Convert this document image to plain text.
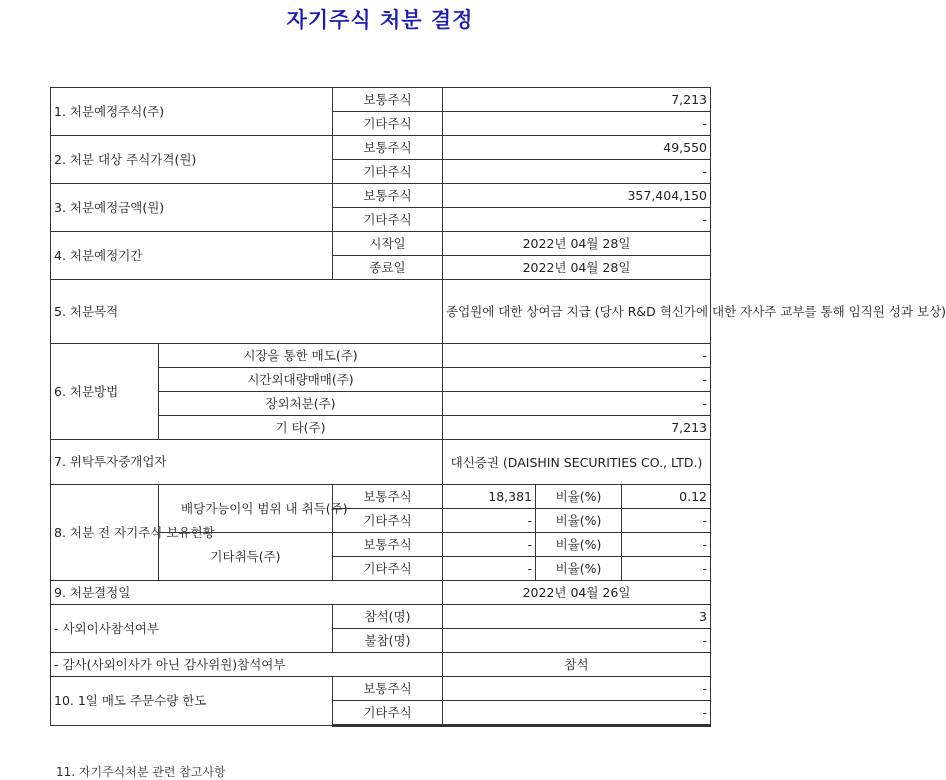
자기주식 처분 결정
1. 처분예정주식(주)		보통주식	7,213		
		기타주식	-		
2. 처분 대상 주식가격(원)		보통주식	49,550		
		기타주식	-		
3. 처분예정금액(원)		보통주식	357,404,150		
		기타주식	-		
4. 처분예정기간		시작일	2022년 04월 28일		
		종료일	2022년 04월 28일		
5. 처분목적			종업원에 대한 상여금 지급 (당사 R&D 혁신가에 대한 자사주 교부를 통해 임직원 성과 보상)		
6. 처분방법	시장을 통한 매도(주)		-		
	시간외대량매매(주)		-		
	장외처분(주)		-		
	기 타(주)		7,213		
7. 위탁투자중개업자			대신증권 (DAISHIN SECURITIES CO., LTD.)		
8. 처분 전 자기주식 보유현황	배당가능이익 범위 내 취득(주)	보통주식	18,381	비율(%)	0.12
		기타주식	-	비율(%)	-
	기타취득(주)	보통주식	-	비율(%)	-
		기타주식	-	비율(%)	-
9. 처분결정일			2022년 04월 26일		
- 사외이사참석여부		참석(명)	3		
		불참(명)	-		
- 감사(사외이사가 아닌 감사위원)참석여부			참석		
10. 1일 매도 주문수량 한도		보통주식	-		
		기타주식	-		
11. 자기주식처분 관련 참고사항
